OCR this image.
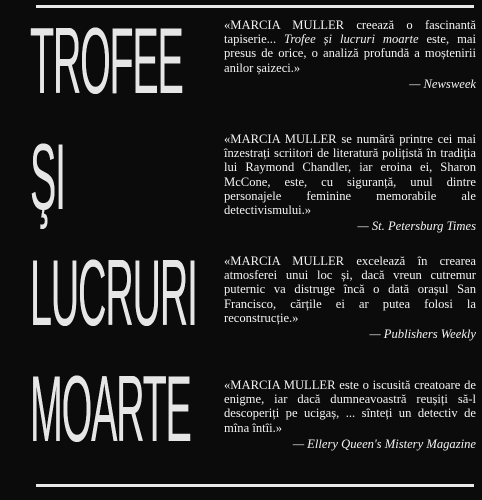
TROFEE
ŞI
LUCRURI
MOARTE

«MARCIA MULLER creează o fascinantă tapiserie... Trofee și lucruri moarte este, mai presus de orice, o analiză profundă a moștenirii anilor șaizeci.»

— Newsweek

«MARCIA MULLER se numără printre cei mai înzestrați scriitori de literatură polițistă în tradiția lui Raymond Chandler, iar eroina ei, Sharon McCone, este, cu siguranță, unul dintre personajele feminine memorabile ale detectivismului.»

— St. Petersburg Times

«MARCIA MULLER excelează în crearea atmosferei unui loc și, dacă vreun cutremur puternic va distruge încă o dată orașul San Francisco, cărțile ei ar putea folosi la reconstrucție.»

— Publishers Weekly

«MARCIA MULLER este o iscusită creatoare de enigme, iar dacă dumneavoastră reușiți să-l descoperiți pe ucigaș, ... sînteți un detectiv de mîna întîi.»

— Ellery Queen's Mistery Magazine
